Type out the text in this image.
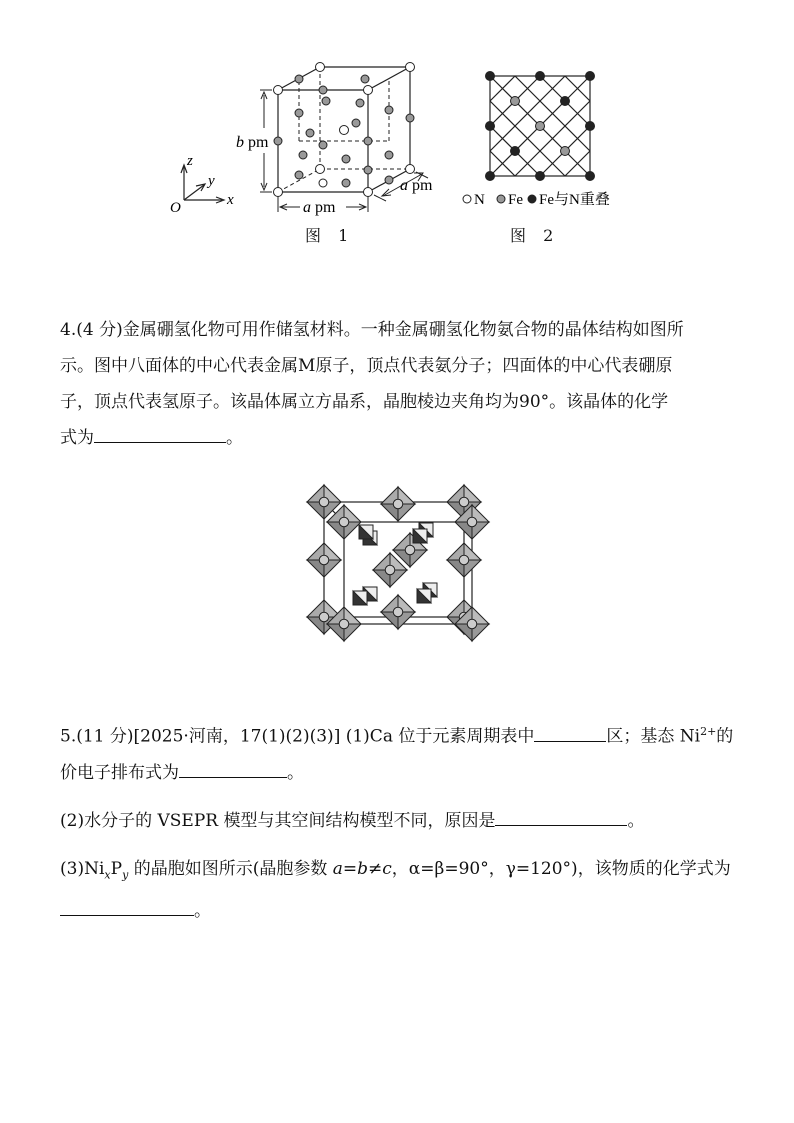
b pm
a pm
a pm
z
y
x
O	N Fe Fe与N重叠
图 1	图 2
4.(4 分)金属硼氢化物可用作储氢材料。一种金属硼氢化物氨合物的晶体结构如图所
示。图中八面体的中心代表金属M原子，顶点代表氨分子；四面体的中心代表硼原
子，顶点代表氢原子。该晶体属立方晶系，晶胞棱边夹角均为90°。该晶体的化学
式为	。
5.(11 分)[2025·河南，17(1)(2)(3)] (1)Ca 位于元素周期表中	区；基态 $Ni^{2+}$的
价电子排布式为	。
(2)水分子的 VSEPR 模型与其空间结构模型不同，原因是	。
$(3)Ni_xP_y$ 的晶胞如图所示(晶胞参数 a=b≠c，α=β=90°，γ=120°)，该物质的化学式为
。
